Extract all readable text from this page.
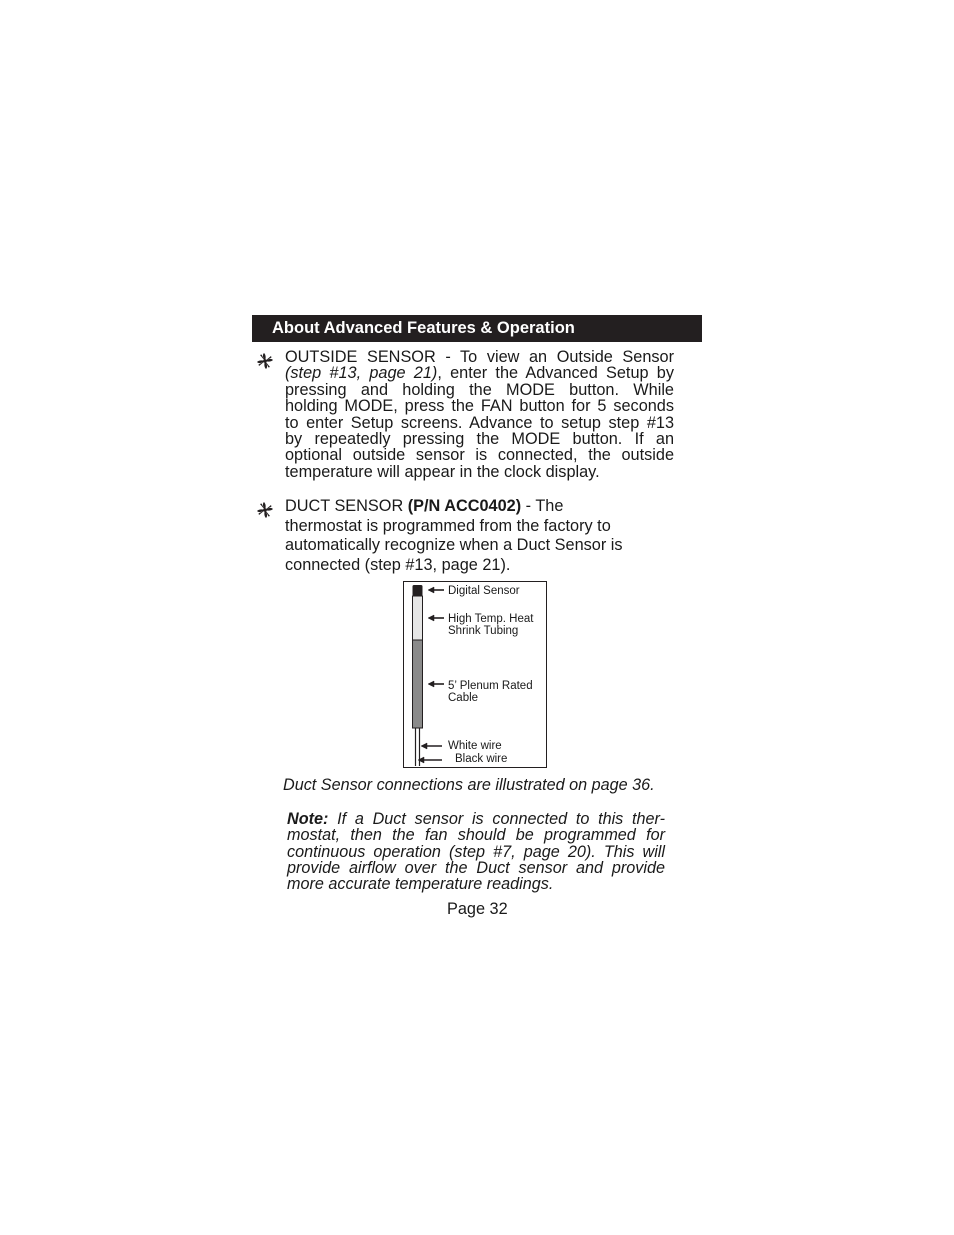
About Advanced Features & Operation
OUTSIDE SENSOR - To view an Outside Sensor
(step #13, page 21), enter the Advanced Setup by
pressing and holding the MODE button. While
holding MODE, press the FAN button for 5 seconds
to enter Setup screens. Advance to setup step #13
by repeatedly pressing the MODE button. If an
optional outside sensor is connected, the outside
temperature will appear in the clock display.
DUCT SENSOR (P/N ACC0402) - The
thermostat is programmed from the factory to
automatically recognize when a Duct Sensor is
connected (step #13, page 21).
Digital Sensor
High Temp. Heat
Shrink Tubing
5’ Plenum Rated
Cable
White wire
Black wire
Duct Sensor connections are illustrated on page 36.
Note: If a Duct sensor is connected to this ther-
mostat, then the fan should be programmed for
continuous operation (step #7, page 20). This will
provide airflow over the Duct sensor and provide
more accurate temperature readings.
Page 32
